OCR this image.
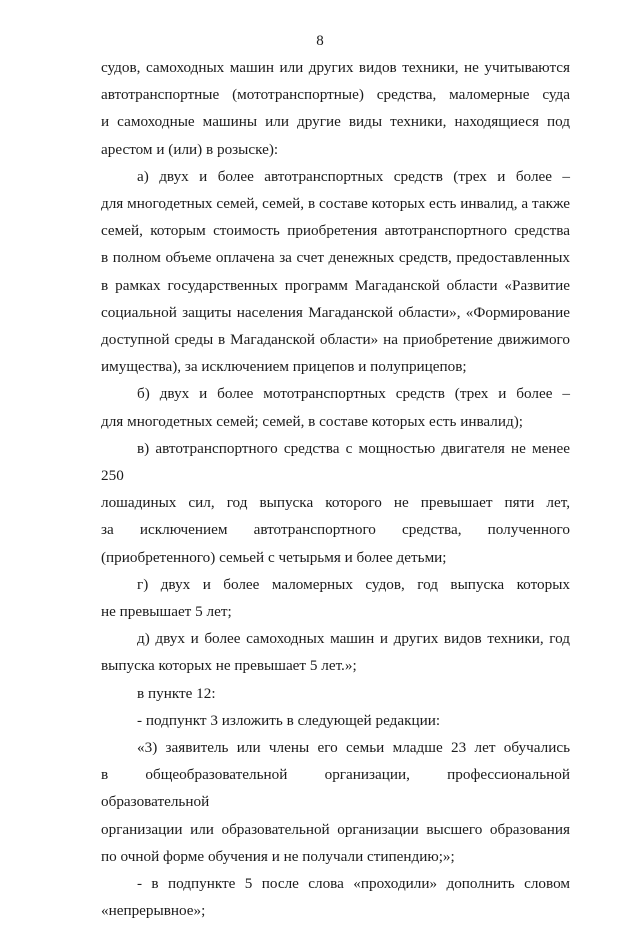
8

судов, самоходных машин или других видов техники, не учитываются
автотранспортные (мототранспортные) средства, маломерные суда
и самоходные машины или другие виды техники, находящиеся под
арестом и (или) в розыске):

а) двух и более автотранспортных средств (трех и более –
для многодетных семей, семей, в составе которых есть инвалид, а также
семей, которым стоимость приобретения автотранспортного средства
в полном объеме оплачена за счет денежных средств, предоставленных
в рамках государственных программ Магаданской области «Развитие
социальной защиты населения Магаданской области», «Формирование
доступной среды в Магаданской области» на приобретение движимого
имущества), за исключением прицепов и полуприцепов;

б) двух и более мототранспортных средств (трех и более –
для многодетных семей; семей, в составе которых есть инвалид);

в) автотранспортного средства с мощностью двигателя не менее 250
лошадиных сил, год выпуска которого не превышает пяти лет,
за исключением автотранспортного средства, полученного
(приобретенного) семьей с четырьмя и более детьми;

г) двух и более маломерных судов, год выпуска которых
не превышает 5 лет;

д) двух и более самоходных машин и других видов техники, год
выпуска которых не превышает 5 лет.»;

в пункте 12:

- подпункт 3 изложить в следующей редакции:

«3) заявитель или члены его семьи младше 23 лет обучались
в общеобразовательной организации, профессиональной образовательной
организации или образовательной организации высшего образования
по очной форме обучения и не получали стипендию;»;

- в подпункте 5 после слова «проходили» дополнить словом
«непрерывное»;
